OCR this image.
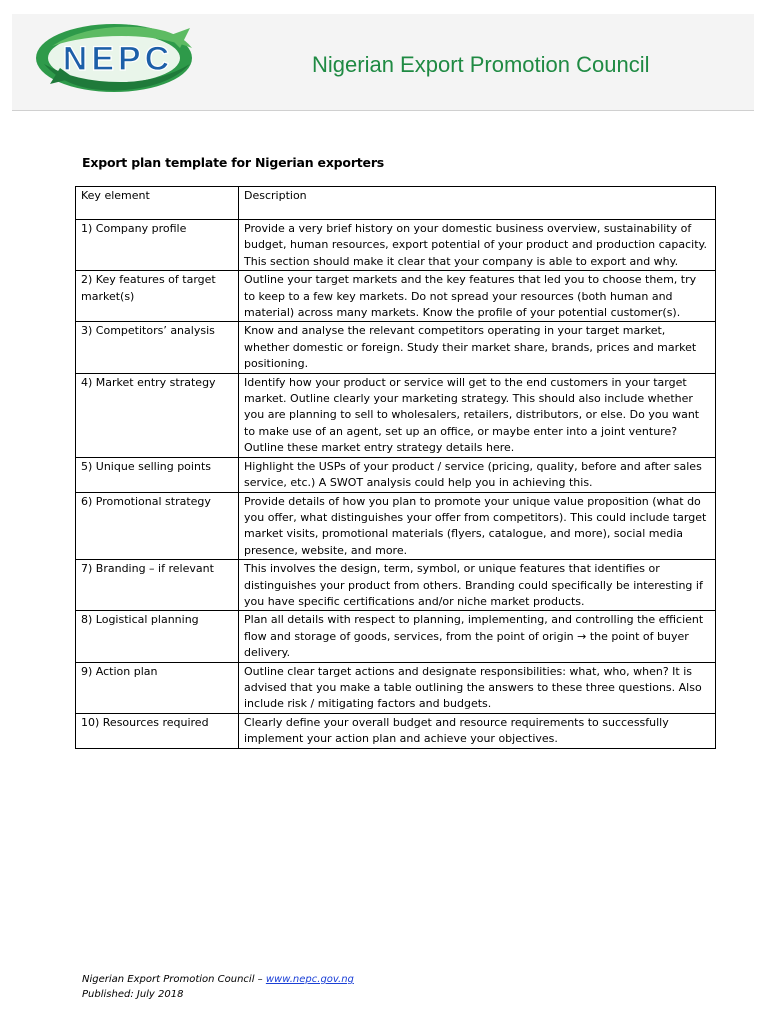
NEPC	Nigerian Export Promotion Council
Export plan template for Nigerian exporters
Key element	Description
1) Company profile	Provide a very brief history on your domestic business overview, sustainability of budget, human resources, export potential of your product and production capacity. This section should make it clear that your company is able to export and why.
2) Key features of target market(s)	Outline your target markets and the key features that led you to choose them, try to keep to a few key markets. Do not spread your resources (both human and material) across many markets. Know the profile of your potential customer(s).
3) Competitors’ analysis	Know and analyse the relevant competitors operating in your target market, whether domestic or foreign. Study their market share, brands, prices and market positioning.
4) Market entry strategy	Identify how your product or service will get to the end customers in your target market. Outline clearly your marketing strategy. This should also include whether you are planning to sell to wholesalers, retailers, distributors, or else. Do you want to make use of an agent, set up an office, or maybe enter into a joint venture? Outline these market entry strategy details here.
5) Unique selling points	Highlight the USPs of your product / service (pricing, quality, before and after sales service, etc.) A SWOT analysis could help you in achieving this.
6) Promotional strategy	Provide details of how you plan to promote your unique value proposition (what do you offer, what distinguishes your offer from competitors). This could include target market visits, promotional materials (flyers, catalogue, and more), social media presence, website, and more.
7) Branding – if relevant	This involves the design, term, symbol, or unique features that identifies or distinguishes your product from others. Branding could specifically be interesting if you have specific certifications and/or niche market products.
8) Logistical planning	Plan all details with respect to planning, implementing, and controlling the efficient flow and storage of goods, services, from the point of origin → the point of buyer delivery.
9) Action plan	Outline clear target actions and designate responsibilities: what, who, when? It is advised that you make a table outlining the answers to these three questions. Also include risk / mitigating factors and budgets.
10) Resources required	Clearly define your overall budget and resource requirements to successfully implement your action plan and achieve your objectives.
Nigerian Export Promotion Council – www.nepc.gov.ng
Published: July 2018
